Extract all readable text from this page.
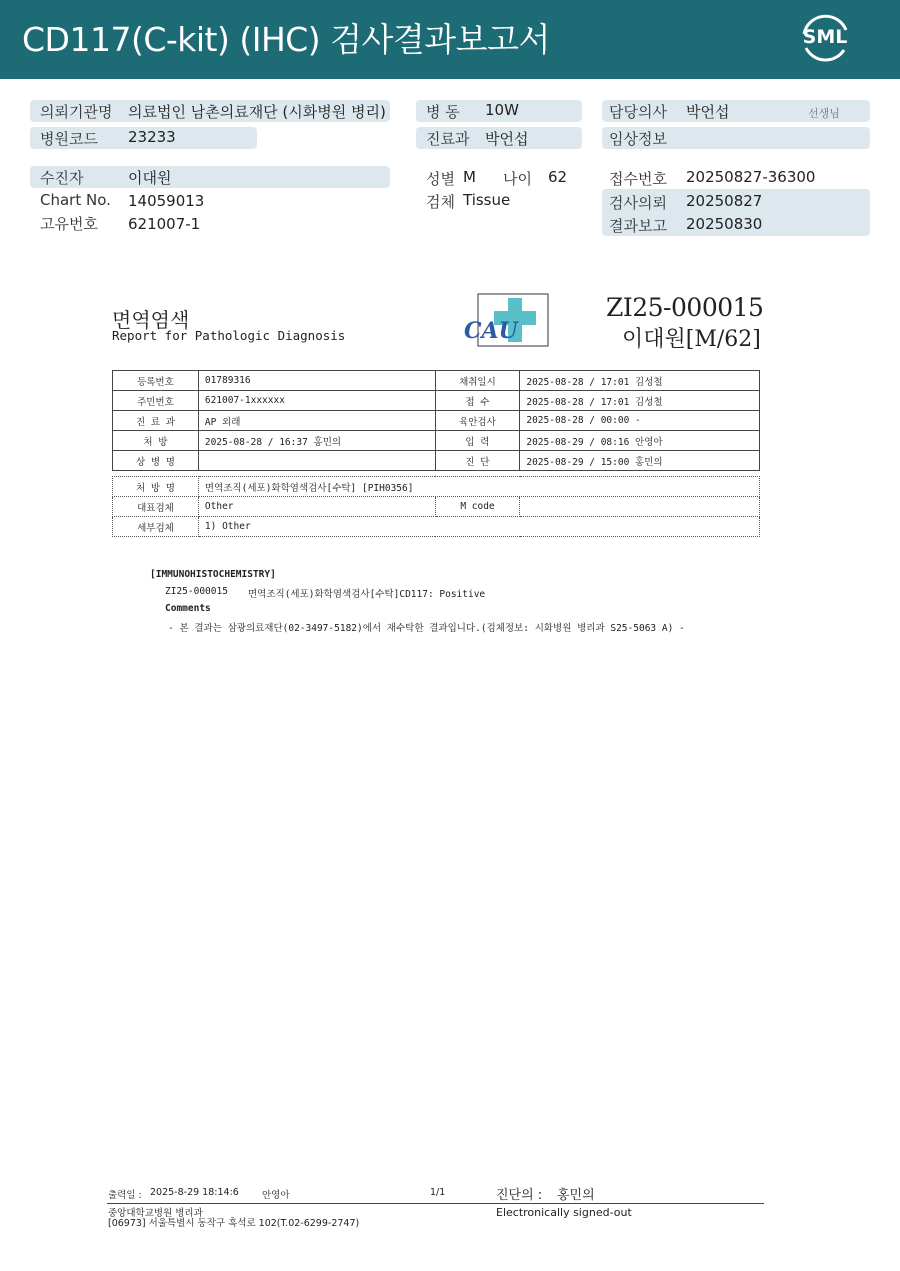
CD117(C-kit) (IHC) 검사결과보고서	SML
의뢰기관명 의료법인 남촌의료재단 (시화병원 병리)	병 동 10W	담당의사 박언섭	선생님
병원코드 23233	진료과 박언섭	임상정보
수진자	이대원	성별 M 나이 62	접수번호 20250827-36300
Chart No. 14059013	검체 Tissue	검사의뢰 20250827
고유번호 621007-1	결과보고 20250830
면역염색
Report for Pathologic Diagnosis	CAU
ZI25-000015
이대원[M/62]
등록번호	01789316	채취일시	2025-08-28 / 17:01 김성철
주민번호	621007-1xxxxxx	접 수	2025-08-28 / 17:01 김성철
진 료 과	AP 외래	육안검사	2025-08-28 / 00:00 -
처 방	2025-08-28 / 16:37 홍민의	입 력	2025-08-29 / 08:16 안영아
상 병 명		진 단	2025-08-29 / 15:00 홍민의
처 방 명	면역조직(세포)화학염색검사[수탁] [PIH0356]		
대표검체	Other	M code	
세부검체	1) Other		
[IMMUNOHISTOCHEMISTRY]
ZI25-000015 면역조직(세포)화학염색검사[수탁]CD117: Positive
Comments
- 본 결과는 삼광의료재단(02-3497-5182)에서 재수탁한 결과입니다.(검체정보: 시화병원 병리과 S25-5063 A) -
출력일 : 2025-8-29 18:14:6 안영아	1/1	진단의 : 홍민의
중앙대학교병원 병리과
[06973] 서울특별시 동작구 흑석로 102(T.02-6299-2747)
Electronically signed-out
